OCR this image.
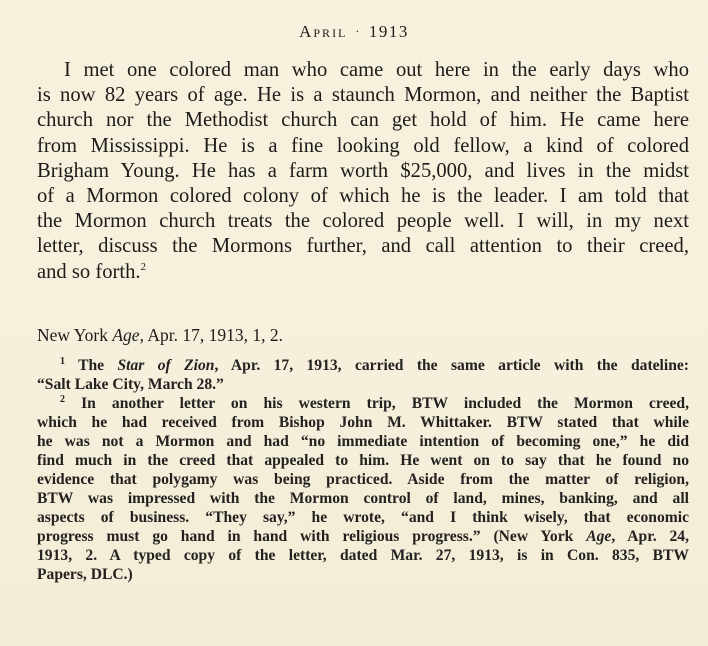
April · 1913
I met one colored man who came out here in the early days who
is now 82 years of age. He is a staunch Mormon, and neither the Baptist
church nor the Methodist church can get hold of him. He came here
from Mississippi. He is a fine looking old fellow, a kind of colored
Brigham Young. He has a farm worth $25,000, and lives in the midst
of a Mormon colored colony of which he is the leader. I am told that
the Mormon church treats the colored people well. I will, in my next
letter, discuss the Mormons further, and call attention to their creed,
and so forth.$^2$
New York Age, Apr. 17, 1913, 1, 2.
$^1$ The Star of Zion, Apr. 17, 1913, carried the same article with the dateline:
“Salt Lake City, March 28.”
$^2$ In another letter on his western trip, BTW included the Mormon creed,
which he had received from Bishop John M. Whittaker. BTW stated that while
he was not a Mormon and had “no immediate intention of becoming one,” he did
find much in the creed that appealed to him. He went on to say that he found no
evidence that polygamy was being practiced. Aside from the matter of religion,
BTW was impressed with the Mormon control of land, mines, banking, and all
aspects of business. “They say,” he wrote, “and I think wisely, that economic
progress must go hand in hand with religious progress.” (New York Age, Apr. 24,
1913, 2. A typed copy of the letter, dated Mar. 27, 1913, is in Con. 835, BTW
Papers, DLC.)
